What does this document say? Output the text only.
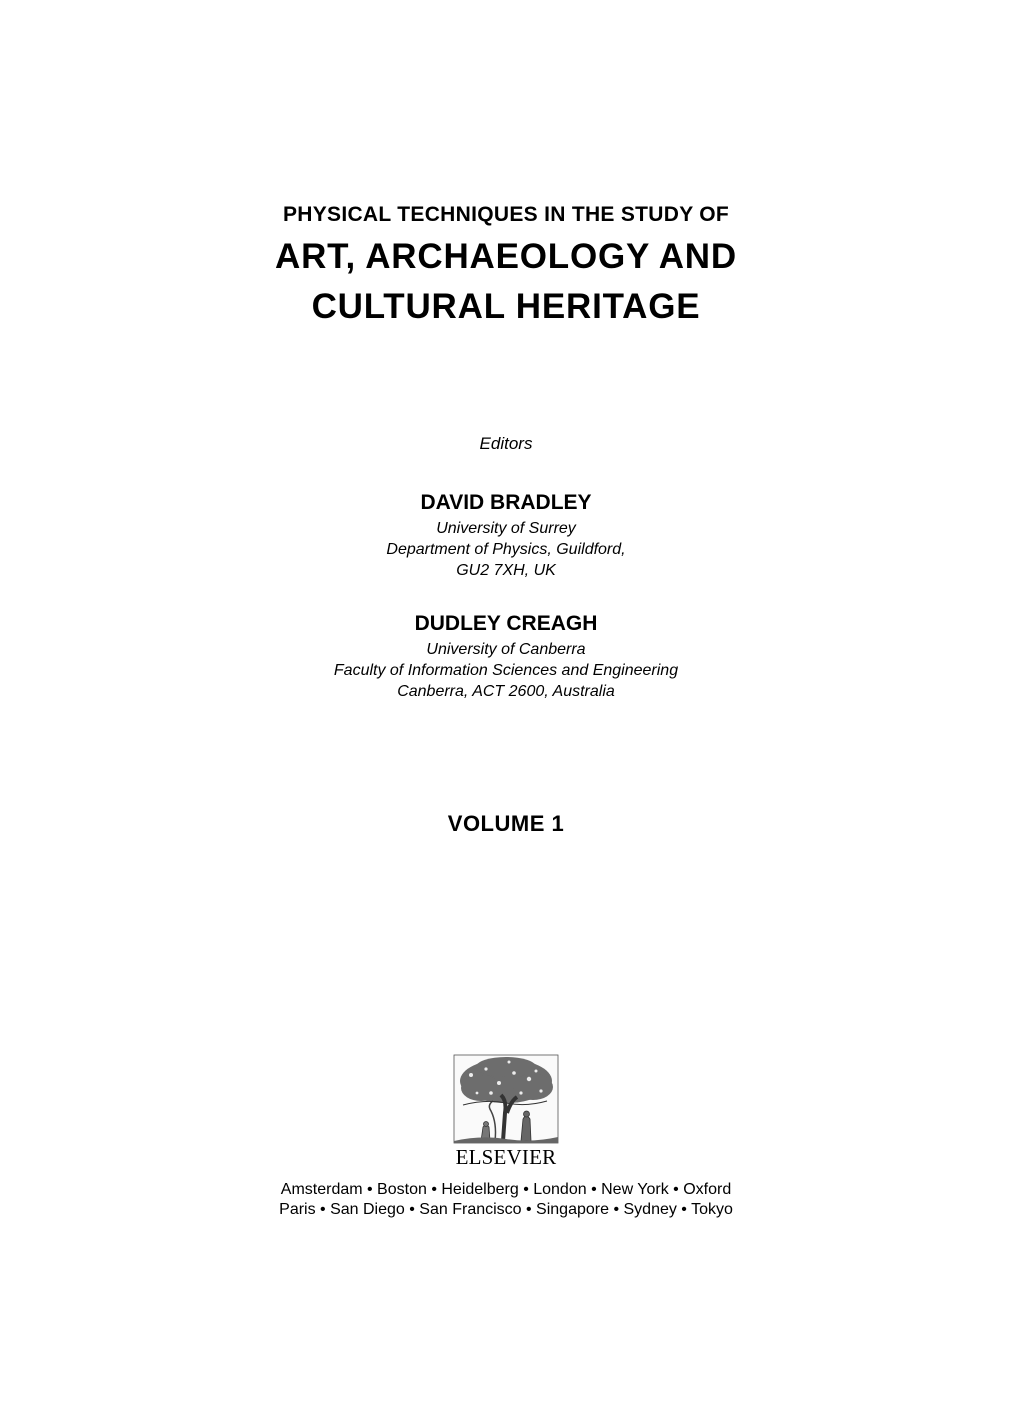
PHYSICAL TECHNIQUES IN THE STUDY OF
ART, ARCHAEOLOGY AND
CULTURAL HERITAGE
Editors
DAVID BRADLEY
University of Surrey
Department of Physics, Guildford,
GU2 7XH, UK
DUDLEY CREAGH
University of Canberra
Faculty of Information Sciences and Engineering
Canberra, ACT 2600, Australia
VOLUME 1
ELSEVIER
Amsterdam • Boston • Heidelberg • London • New York • Oxford
Paris • San Diego • San Francisco • Singapore • Sydney • Tokyo
